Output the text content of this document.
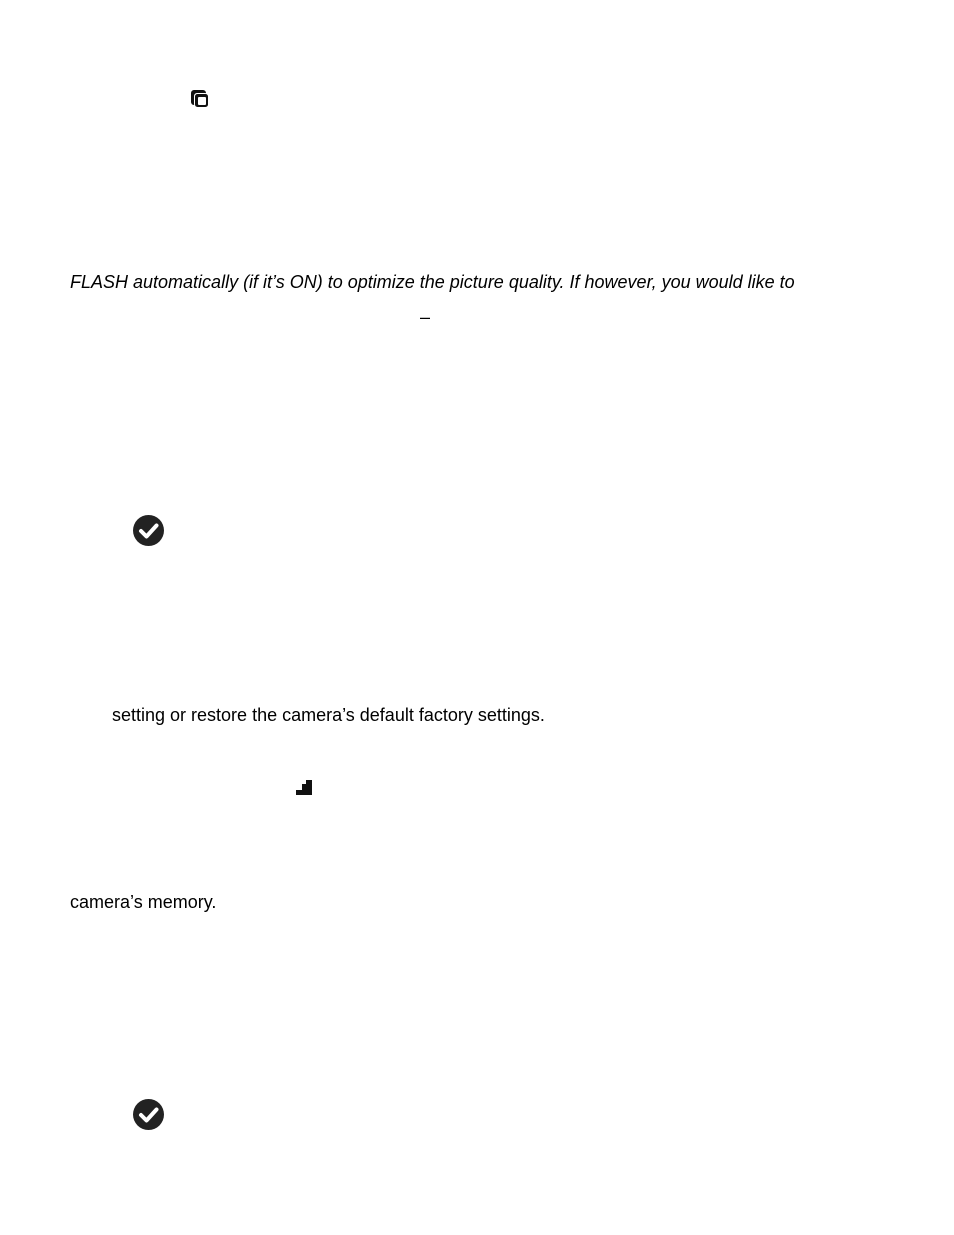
FLASH automatically (if it’s ON) to optimize the picture quality. If however, you would like to
–
setting or restore the camera’s default factory settings.
camera’s memory.
